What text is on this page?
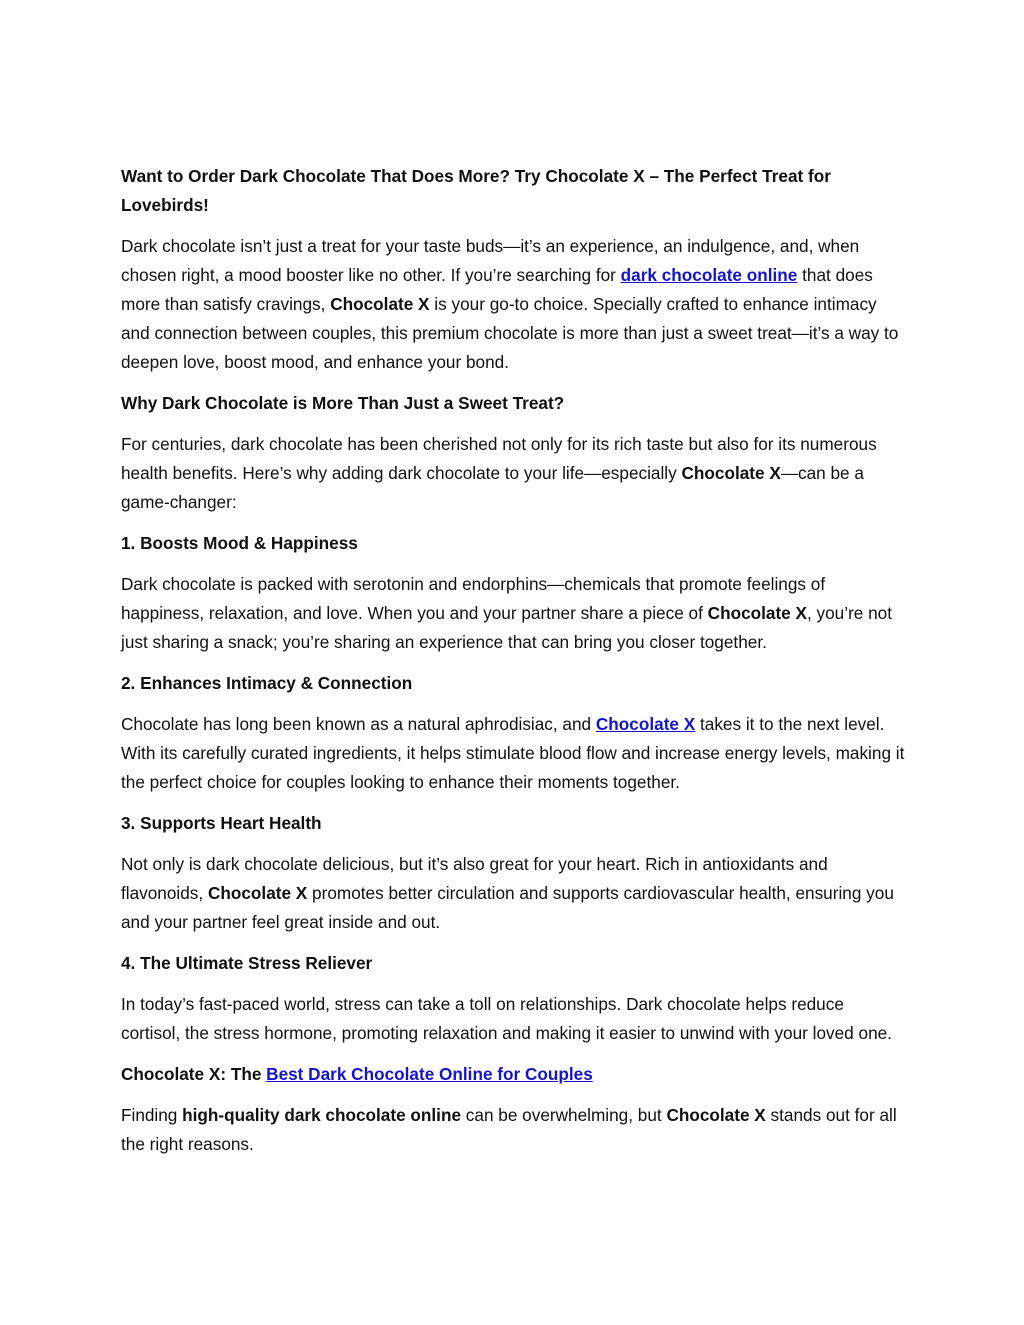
Want to Order Dark Chocolate That Does More? Try Chocolate X – The Perfect Treat for Lovebirds!

Dark chocolate isn’t just a treat for your taste buds—it’s an experience, an indulgence, and, when chosen right, a mood booster like no other. If you’re searching for dark chocolate online that does more than satisfy cravings, Chocolate X is your go-to choice. Specially crafted to enhance intimacy and connection between couples, this premium chocolate is more than just a sweet treat—it’s a way to deepen love, boost mood, and enhance your bond.

Why Dark Chocolate is More Than Just a Sweet Treat?

For centuries, dark chocolate has been cherished not only for its rich taste but also for its numerous health benefits. Here’s why adding dark chocolate to your life—especially Chocolate X—can be a game-changer:

1. Boosts Mood & Happiness

Dark chocolate is packed with serotonin and endorphins—chemicals that promote feelings of happiness, relaxation, and love. When you and your partner share a piece of Chocolate X, you’re not just sharing a snack; you’re sharing an experience that can bring you closer together.

2. Enhances Intimacy & Connection

Chocolate has long been known as a natural aphrodisiac, and Chocolate X takes it to the next level. With its carefully curated ingredients, it helps stimulate blood flow and increase energy levels, making it the perfect choice for couples looking to enhance their moments together.

3. Supports Heart Health

Not only is dark chocolate delicious, but it’s also great for your heart. Rich in antioxidants and flavonoids, Chocolate X promotes better circulation and supports cardiovascular health, ensuring you and your partner feel great inside and out.

4. The Ultimate Stress Reliever

In today’s fast-paced world, stress can take a toll on relationships. Dark chocolate helps reduce cortisol, the stress hormone, promoting relaxation and making it easier to unwind with your loved one.

Chocolate X: The Best Dark Chocolate Online for Couples

Finding high-quality dark chocolate online can be overwhelming, but Chocolate X stands out for all the right reasons.
